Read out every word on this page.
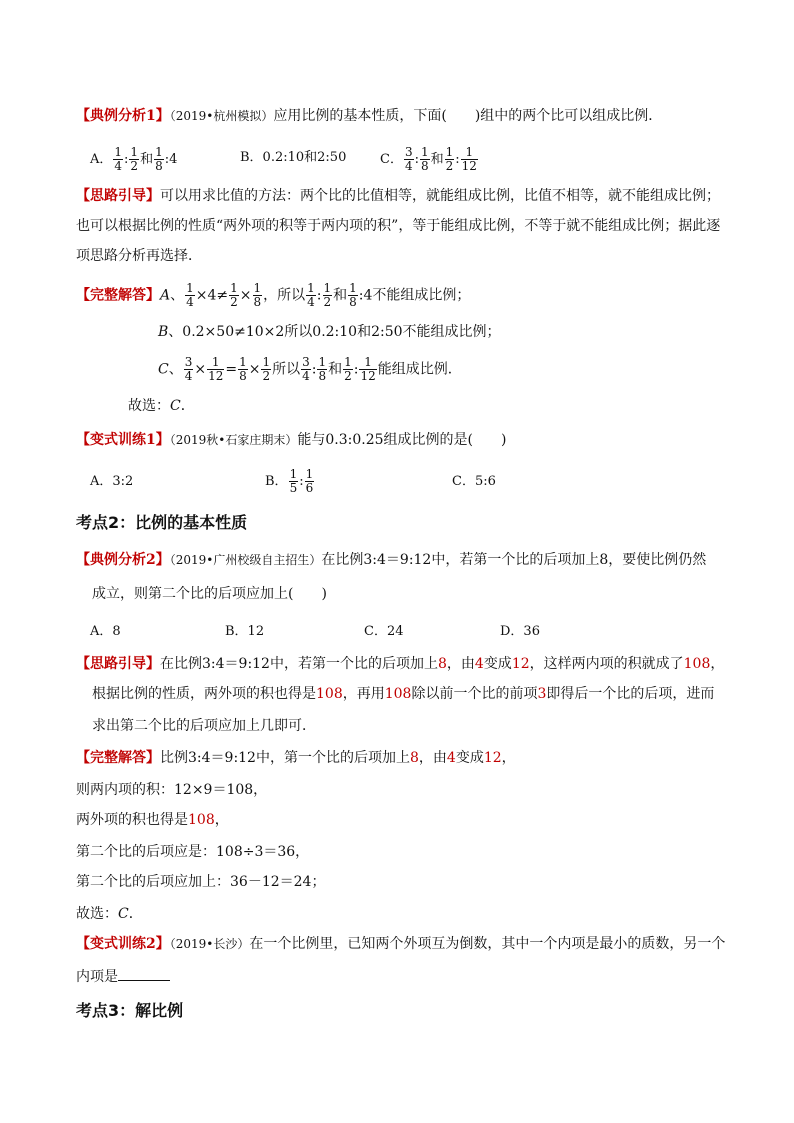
【典例分析1】（2019•杭州模拟）应用比例的基本性质，下面(　　)组中的两个比可以组成比例．
A． $\frac{1}{4}$ : $\frac{1}{2}$ 和 $\frac{1}{8}$ :4	B．0.2:10和2:50	C． $\frac{3}{4}$ : $\frac{1}{8}$ 和 $\frac{1}{2}$ : $\frac{1}{12}$
【思路引导】可以用求比值的方法：两个比的比值相等，就能组成比例，比值不相等，就不能组成比例；
也可以根据比例的性质“两外项的积等于两内项的积”，等于能组成比例，不等于就不能组成比例；据此逐
项思路分析再选择．
【完整解答】A、 $\frac{1}{4} \times 4\ne \frac{1}{2} \times \frac{1}{8}$ ，所以 $\frac{1}{4}$ : $\frac{1}{2}$ 和 $\frac{1}{8}$ :4不能组成比例；
B、0.2×50≠10×2所以0.2:10和2:50不能组成比例；
C、 $\frac{3}{4} \times \frac{1}{12} = \frac{1}{8} \times \frac{1}{2}$ 所以 $\frac{3}{4}$ : $\frac{1}{8}$ 和 $\frac{1}{2}$ : $\frac{1}{12}$ 能组成比例．
故选：C．
【变式训练1】（2019秋•石家庄期末）能与0.3:0.25组成比例的是(　　)
A．3:2	B． $\frac{1}{5}$ : $\frac{1}{6}$	C．5:6
考点2：比例的基本性质
【典例分析2】（2019•广州校级自主招生）在比例3:4＝9:12中，若第一个比的后项加上8，要使比例仍然
成立，则第二个比的后项应加上(　　)
A．8	B．12	C．24	D．36
【思路引导】在比例3:4＝9:12中，若第一个比的后项加上8，由4变成12，这样两内项的积就成了108，
根据比例的性质，两外项的积也得是108，再用108除以前一个比的前项3即得后一个比的后项，进而
求出第二个比的后项应加上几即可．
【完整解答】比例3:4＝9:12中，第一个比的后项加上8，由4变成12，
则两内项的积：12×9＝108，
两外项的积也得是108，
第二个比的后项应是：108÷3＝36，
第二个比的后项应加上：36－12＝24；
故选：C．
【变式训练2】（2019•长沙）在一个比例里，已知两个外项互为倒数，其中一个内项是最小的质数，另一个
内项是
考点3：解比例
